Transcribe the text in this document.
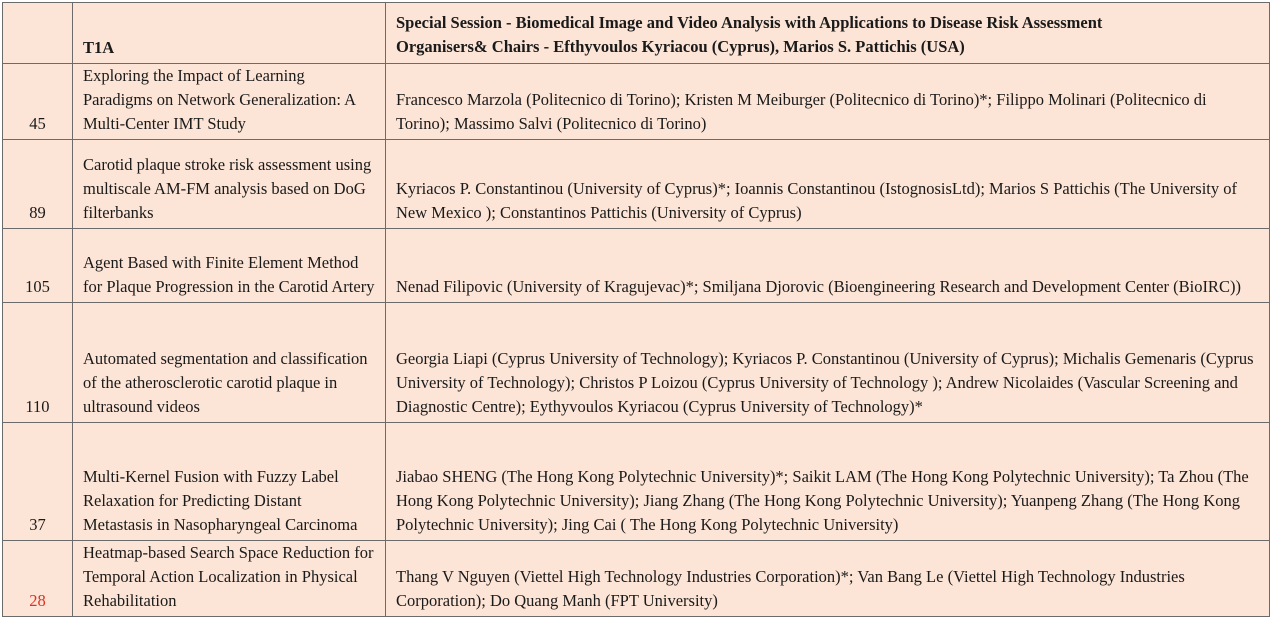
	T1A	Special Session - Biomedical Image and Video Analysis with Applications to Disease Risk Assessment
Organisers& Chairs - Efthyvoulos Kyriacou (Cyprus), Marios S. Pattichis (USA)

45	Exploring the Impact of Learning Paradigms on Network Generalization: A Multi-Center IMT Study	Francesco Marzola (Politecnico di Torino); Kristen M Meiburger (Politecnico di Torino)*; Filippo Molinari (Politecnico di Torino); Massimo Salvi (Politecnico di Torino)
89	Carotid plaque stroke risk assessment using multiscale AM-FM analysis based on DoG filterbanks	Kyriacos P. Constantinou (University of Cyprus)*; Ioannis Constantinou (IstognosisLtd); Marios S Pattichis (The University of New Mexico ); Constantinos Pattichis (University of Cyprus)
105	Agent Based with Finite Element Method for Plaque Progression in the Carotid Artery	Nenad Filipovic (University of Kragujevac)*; Smiljana Djorovic (Bioengineering Research and Development Center (BioIRC))
110	Automated segmentation and classification of the atherosclerotic carotid plaque in ultrasound videos	Georgia Liapi (Cyprus University of Technology); Kyriacos P. Constantinou (University of Cyprus); Michalis Gemenaris (Cyprus University of Technology); Christos P Loizou (Cyprus University of Technology ); Andrew Nicolaides (Vascular Screening and Diagnostic Centre); Eythyvoulos Kyriacou (Cyprus University of Technology)*
37	Multi-Kernel Fusion with Fuzzy Label Relaxation for Predicting Distant Metastasis in Nasopharyngeal Carcinoma	Jiabao SHENG (The Hong Kong Polytechnic University)*; Saikit LAM (The Hong Kong Polytechnic University); Ta Zhou (The Hong Kong Polytechnic University); Jiang Zhang (The Hong Kong Polytechnic University); Yuanpeng Zhang (The Hong Kong Polytechnic University); Jing Cai ( The Hong Kong Polytechnic University)
28	Heatmap-based Search Space Reduction for Temporal Action Localization in Physical Rehabilitation	Thang V Nguyen (Viettel High Technology Industries Corporation)*; Van Bang Le (Viettel High Technology Industries Corporation); Do Quang Manh (FPT University)
